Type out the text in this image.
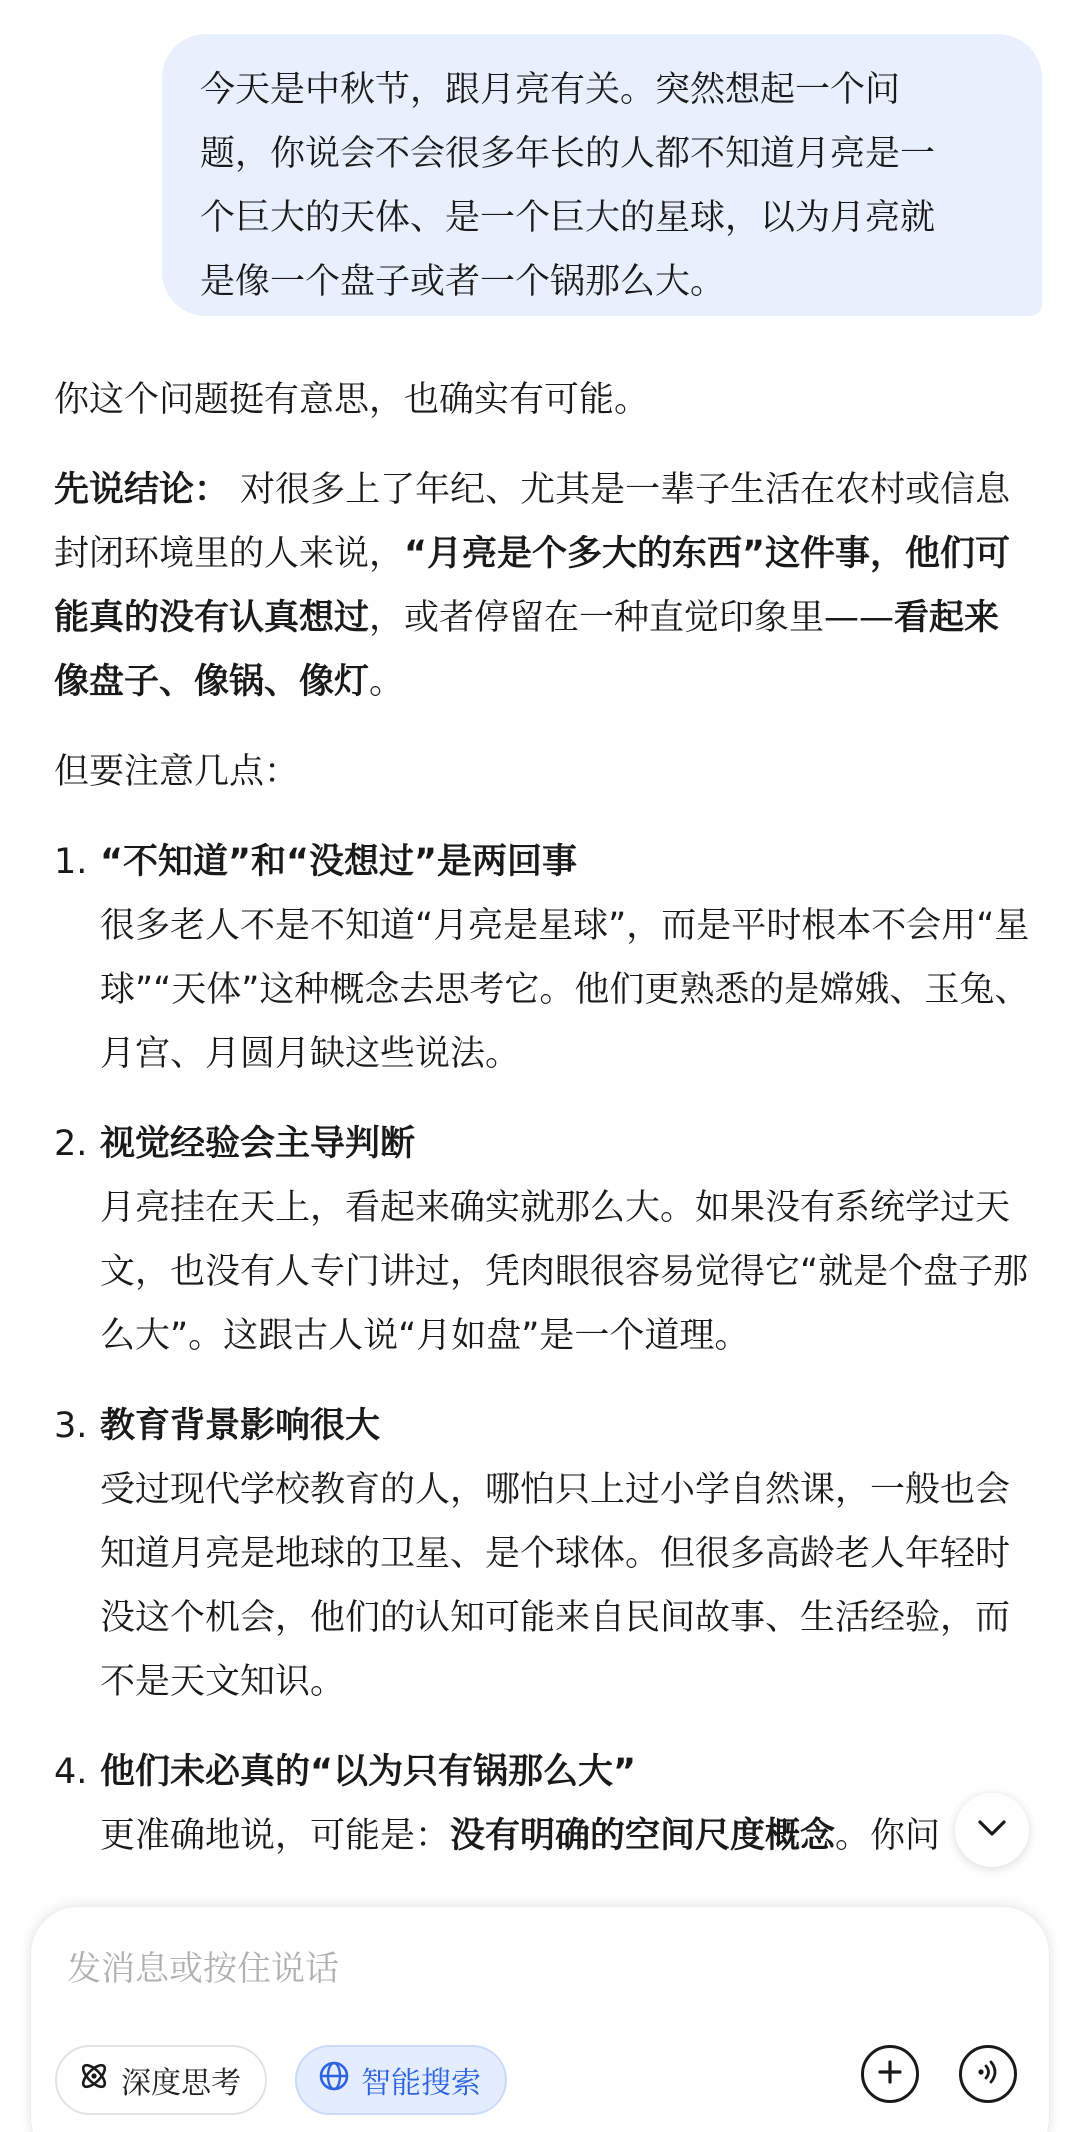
今天是中秋节，跟月亮有关。突然想起一个问
题，你说会不会很多年长的人都不知道月亮是一
个巨大的天体、是一个巨大的星球，以为月亮就
是像一个盘子或者一个锅那么大。

你这个问题挺有意思，也确实有可能。

先说结论： 对很多上了年纪、尤其是一辈子生活在农村或信息封闭环境里的人来说，“月亮是个多大的东西”这件事，他们可能真的没有认真想过，或者停留在一种直觉印象里——看起来像盘子、像锅、像灯。

但要注意几点：

1. “不知道”和“没想过”是两回事
很多老人不是不知道“月亮是星球”，而是平时根本不会用“星球”“天体”这种概念去思考它。他们更熟悉的是嫦娥、玉兔、月宫、月圆月缺这些说法。
2. 视觉经验会主导判断
月亮挂在天上，看起来确实就那么大。如果没有系统学过天文，也没有人专门讲过，凭肉眼很容易觉得它“就是个盘子那么大”。这跟古人说“月如盘”是一个道理。
3. 教育背景影响很大
受过现代学校教育的人，哪怕只上过小学自然课，一般也会知道月亮是地球的卫星、是个球体。但很多高龄老人年轻时没这个机会，他们的认知可能来自民间故事、生活经验，而不是天文知识。
4. 他们未必真的“以为只有锅那么大”
更准确地说，可能是：没有明确的空间尺度概念。你问
发消息或按住说话
深度思考	智能搜索
